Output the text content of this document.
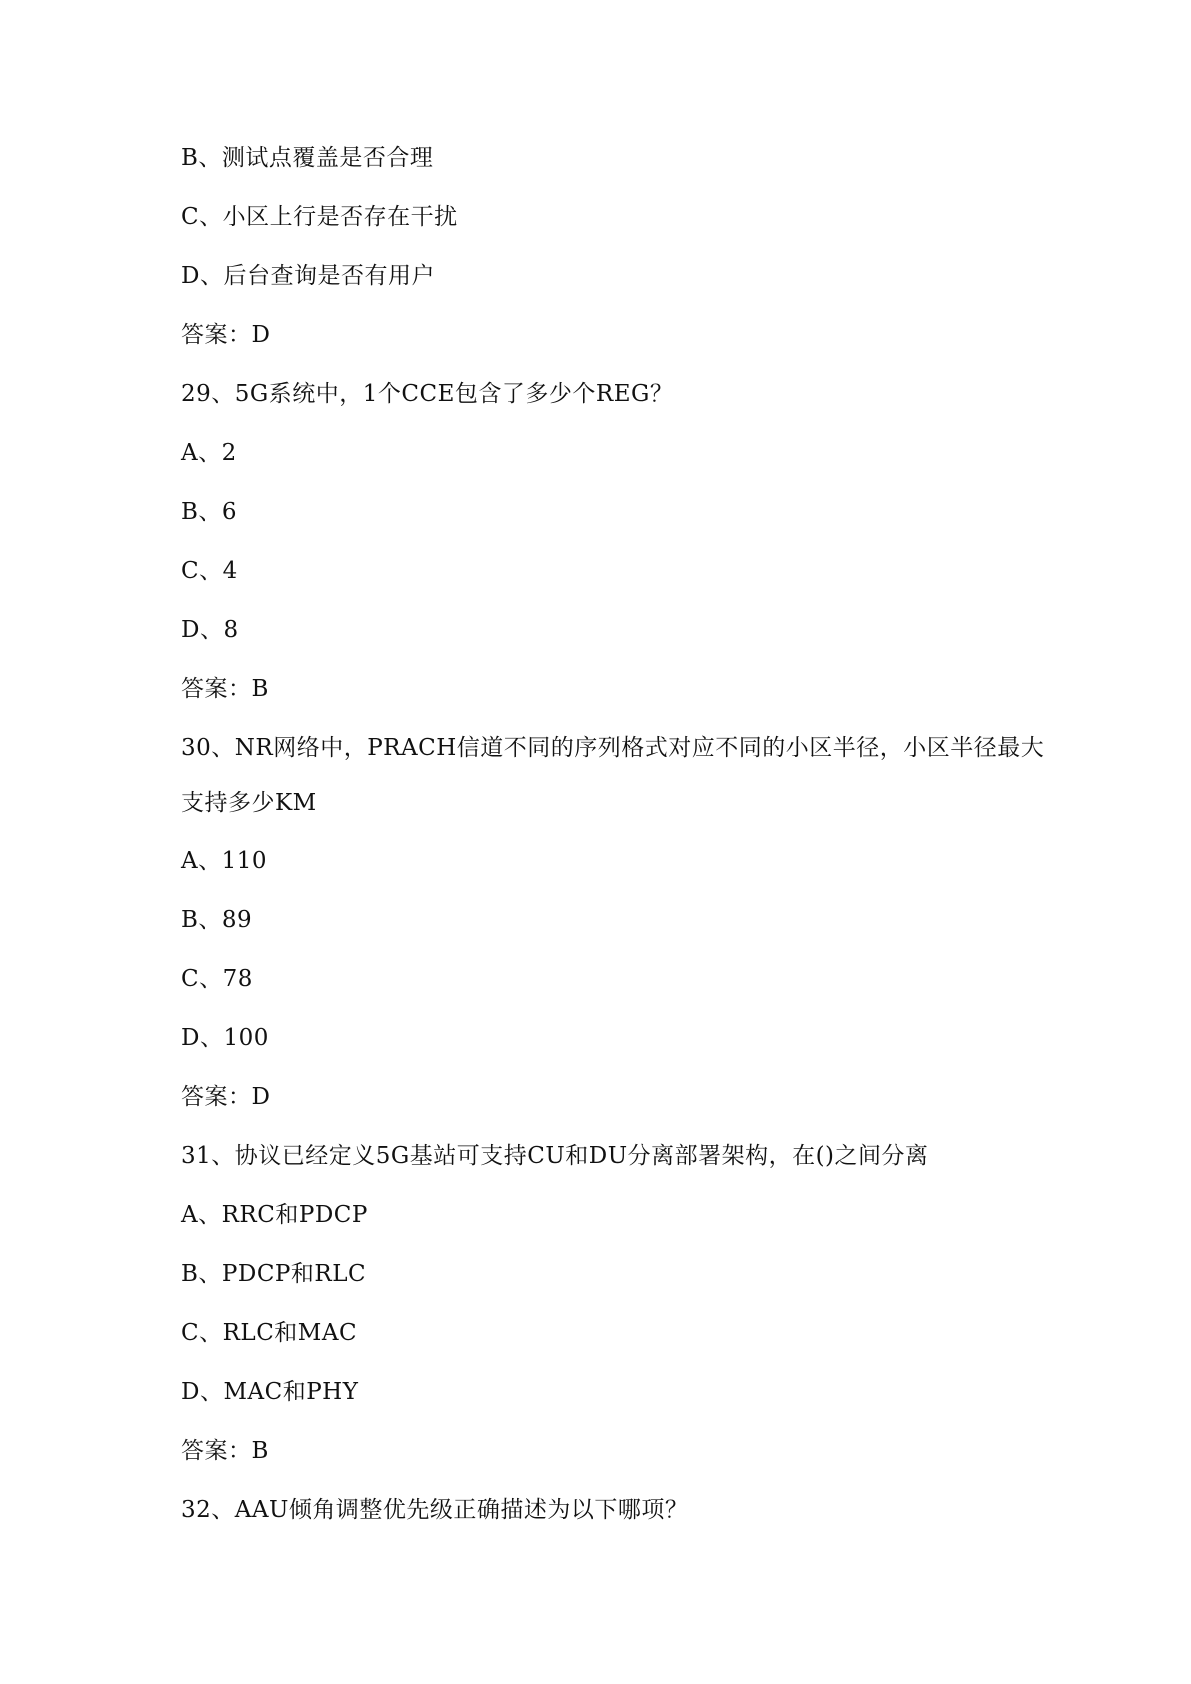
B、测试点覆盖是否合理
C、小区上行是否存在干扰
D、后台查询是否有用户
答案：D
29、5G系统中，1个CCE包含了多少个REG？
A、2
B、6
C、4
D、8
答案：B
30、NR网络中，PRACH信道不同的序列格式对应不同的小区半径，小区半径最大
支持多少KM
A、110
B、89
C、78
D、100
答案：D
31、协议已经定义5G基站可支持CU和DU分离部署架构，在()之间分离
A、RRC和PDCP
B、PDCP和RLC
C、RLC和MAC
D、MAC和PHY
答案：B
32、AAU倾角调整优先级正确描述为以下哪项？
